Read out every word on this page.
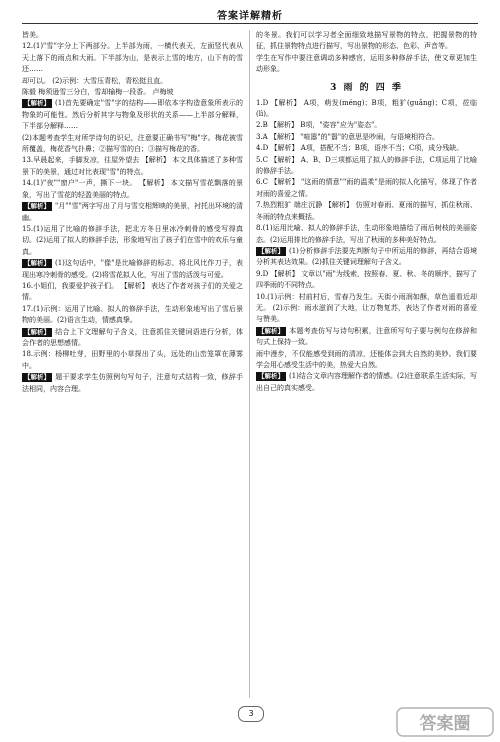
答案详解精析
皆美。
12.(1)"雪"字分上下两部分。上半部为雨，一横代表天，左面竖代表从天上落下的雨点和大雨。下半部为山，是表示上雪的地方，山下有的雪还……
却可以。 (2)示例：大雪压青松，青松挺且直。
陈毅 梅须逊雪三分白，雪却输梅一段香。 卢梅坡
【解析】 (1)首先要确定"雪"字的结构——即依本字构造意象所表示的物象的可能性。然后分析其字与物象及形状的关系——上半部分解释，下半部分解释……
(2)本题考查学生对所学诗句的识记，注意要正确书写"梅"字。梅花被雪所覆盖，梅花香气扑鼻；②描写雪的白；③描写梅花的香。
13.早晨起来，手脚发凉，往屋外望去 【解析】 本文具体描述了多种雪景下的美景，通过对比表现"雪"的特点。
14.(1)"夜""窗户"一声，撕下一块。 【解析】 本文描写雪花飘落的景象，写出了雪花的轻盈美丽的特点。
【解析】 "月""雪"两字写出了月与雪交相辉映的美景，衬托出环境的清幽。
15.(1)运用了比喻的修辞手法，把北方冬日里冰冷刺骨的感受写得真切。(2)运用了拟人的修辞手法，形象地写出了孩子们在雪中的欢乐与童真。
【解析】 (1)这句话中，"像"是比喻修辞的标志，将北风比作刀子，表现出寒冷刺骨的感受。(2)将雪花拟人化，写出了雪的活泼与可爱。
16.小姐们，我要爱护孩子们。 【解析】 表达了作者对孩子们的关爱之情。
17.(1)示例：运用了比喻、拟人的修辞手法，生动形象地写出了雪后景物的美丽。(2)语言生动，情感真挚。
【解析】 结合上下文理解句子含义，注意抓住关键词语进行分析，体会作者的思想感情。
18.示例：杨柳吐芽，田野里的小草探出了头，远处的山峦笼罩在薄雾中。
【解析】 题干要求学生仿照例句写句子，注意句式结构一致，修辞手法相同，内容合理。
的冬景。我们可以学习者全面细致地描写景物的特点，把握景物的特征，抓住景物特点进行描写，写出景物的形态、色彩、声音等。
学生在写作中要注意调动多种感官，运用多种修辞手法，使文章更加生动形象。
3 雨 的 四 季
1.D 【解析】 A项，萌发(méng)；B项，粗犷(guǎng)；C项，莅临(lì)。
2.B 【解析】 B项，"姿容"应为"姿态"。
3.A 【解析】 "喧嚣"的"嚣"的意思是吵闹，与语境相符合。
4.D 【解析】 A项，搭配不当；B项，语序不当；C项，成分残缺。
5.C 【解析】 A、B、D三项都运用了拟人的修辞手法，C项运用了比喻的修辞手法。
6.C 【解析】 "这雨的情意""雨的温柔"是雨的拟人化描写，体现了作者对雨的喜爱之情。
7.热烈粗犷 端庄沉静 【解析】 仿照对春雨、夏雨的描写，抓住秋雨、冬雨的特点来概括。
8.(1)运用比喻、拟人的修辞手法，生动形象地描绘了雨后树枝的美丽姿态。(2)运用排比的修辞手法，写出了秋雨的多种美好特点。
【解析】 (1)分析修辞手法要先判断句子中所运用的修辞，再结合语境分析其表达效果。(2)抓住关键词理解句子含义。
9.D 【解析】 文章以"雨"为线索，按照春、夏、秋、冬的顺序，描写了四季雨的不同特点。
10.(1)示例：村前村后，雪春乃发生。天街小雨润如酥，草色遥看近却无。 (2)示例：雨水滋润了大地，让万物复苏，表达了作者对雨的喜爱与赞美。
【解析】 本题考查仿写与诗句积累，注意所写句子要与例句在修辞和句式上保持一致。
雨中漫步，不仅能感受到雨的清凉，还能体会到大自然的美妙。我们要学会用心感受生活中的美，热爱大自然。
【解析】 (1)结合文章内容理解作者的情感。(2)注意联系生活实际，写出自己的真实感受。
3
答案圈
